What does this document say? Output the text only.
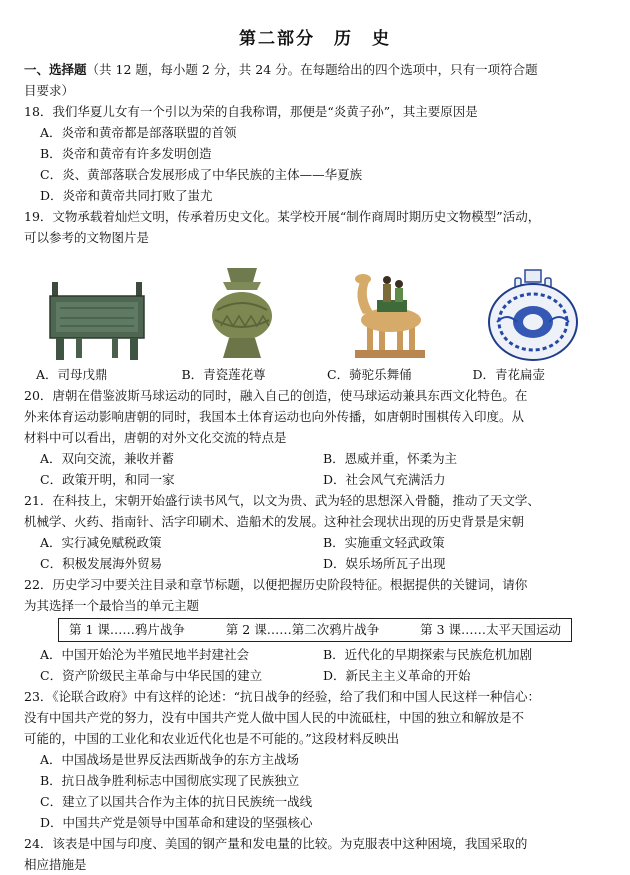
第二部分　历　史
一、选择题（共 12 题，每小题 2 分，共 24 分。在每题给出的四个选项中，只有一项符合题
目要求）
18．我们华夏儿女有一个引以为荣的自我称谓，那便是“炎黄子孙”，其主要原因是
A．炎帝和黄帝都是部落联盟的首领
B．炎帝和黄帝有许多发明创造
C．炎、黄部落联合发展形成了中华民族的主体——华夏族
D．炎帝和黄帝共同打败了蚩尤
19．文物承载着灿烂文明，传承着历史文化。某学校开展“制作商周时期历史文物模型”活动，
可以参考的文物图片是
A．司母戊鼎	B．青瓷莲花尊	C．骑驼乐舞俑	D．青花扁壶
20．唐朝在借鉴波斯马球运动的同时，融入自己的创造，使马球运动兼具东西文化特色。在
外来体育运动影响唐朝的同时，我国本土体育运动也向外传播，如唐朝时围棋传入印度。从
材料中可以看出，唐朝的对外文化交流的特点是
A．双向交流，兼收并蓄	B．恩威并重，怀柔为主
C．政策开明，和同一家	D．社会风气充满活力
21．在科技上，宋朝开始盛行读书风气，以文为贵、武为轻的思想深入骨髓，推动了天文学、
机械学、火药、指南针、活字印刷术、造船术的发展。这种社会现状出现的历史背景是宋朝
A．实行减免赋税政策	B．实施重文轻武政策
C．积极发展海外贸易	D．娱乐场所瓦子出现
22．历史学习中要关注目录和章节标题，以便把握历史阶段特征。根据提供的关键词，请你
为其选择一个最恰当的单元主题
第 1 课……鸦片战争	第 2 课……第二次鸦片战争	第 3 课……太平天国运动
A．中国开始沦为半殖民地半封建社会	B．近代化的早期探索与民族危机加剧
C．资产阶级民主革命与中华民国的建立	D．新民主主义革命的开始
23．《论联合政府》中有这样的论述：“抗日战争的经验，给了我们和中国人民这样一种信心：
没有中国共产党的努力，没有中国共产党人做中国人民的中流砥柱，中国的独立和解放是不
可能的，中国的工业化和农业近代化也是不可能的。”这段材料反映出
A．中国战场是世界反法西斯战争的东方主战场
B．抗日战争胜利标志中国彻底实现了民族独立
C．建立了以国共合作为主体的抗日民族统一战线
D．中国共产党是领导中国革命和建设的坚强核心
24．该表是中国与印度、美国的钢产量和发电量的比较。为克服表中这种困境，我国采取的
相应措施是
